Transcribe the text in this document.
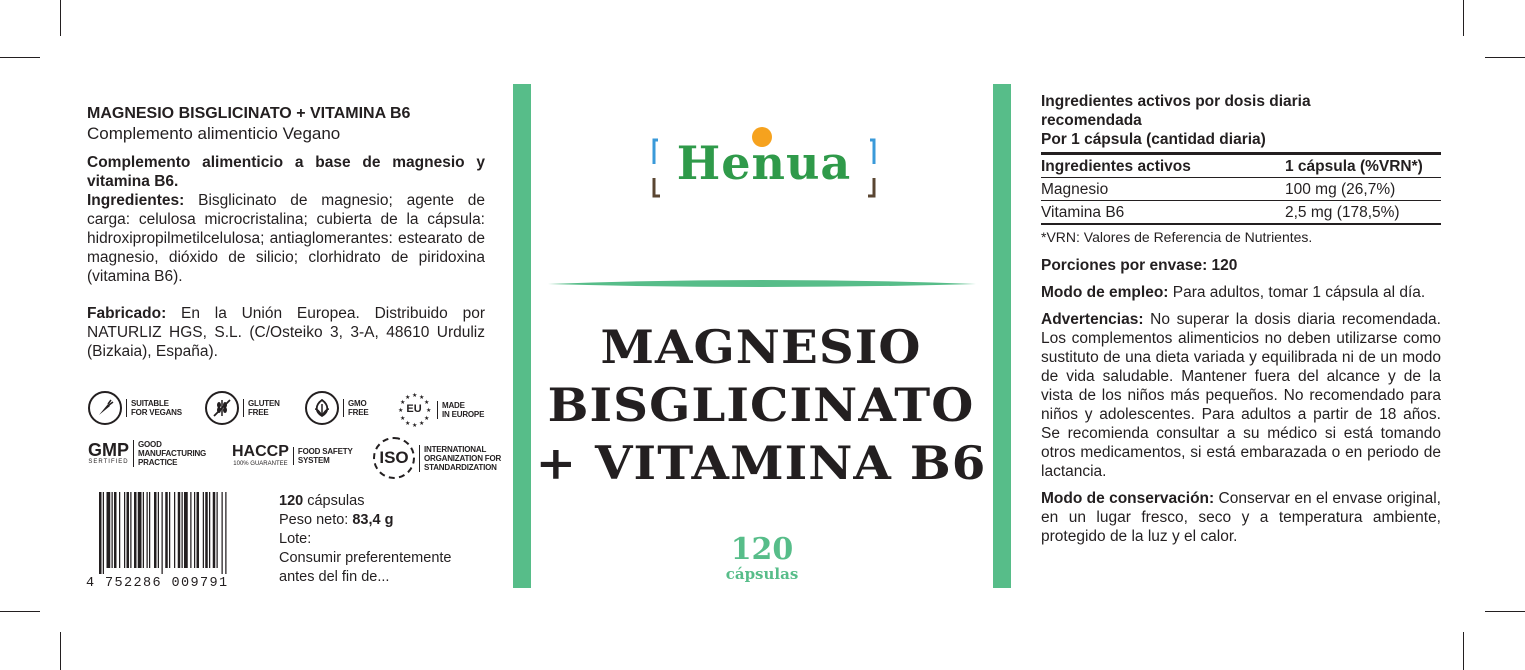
MAGNESIO BISGLICINATO + VITAMINA B6
Complemento alimenticio Vegano

Complemento alimenticio a base de magnesio y vitamina B6.

Ingredientes: Bisglicinato de magnesio; agente de carga: celulosa microcristalina; cubierta de la cápsula: hidroxipropilmetilcelulosa; antiaglomerantes: estearato de magnesio, dióxido de silicio; clorhidrato de piridoxina (vitamina B6).

Fabricado: En la Unión Europea. Distribuido por NATURLIZ HGS, S.L. (C/Osteiko 3, 3-A, 48610 Urduliz (Bizkaia), España).

SUITABLE
FOR VEGANS
GLUTEN
FREE
GMO
FREE
★ ★
★
★
★
★
★
★
★
★
★
★
EU	MADE
IN EUROPE
GMP
SERTIFIED
GOOD
MANUFACTURING
PRACTICE
HACCP
100% GUARANTEE
FOOD SAFETY
SYSTEM	ISO	INTERNATIONAL
ORGANIZATION FOR
STANDARDIZATION
4 752286 009791
120 cápsulas
Peso neto: 83,4 g
Lote:
Consumir preferentemente antes del fin de...
Henua
MAGNESIO
BISGLICINATO
+ VITAMINA B6
120
cápsulas
Ingredientes activos por dosis diaria recomendada
Por 1 cápsula (cantidad diaria)
Ingredientes activos	1 cápsula (%VRN*)
Magnesio	100 mg (26,7%)
Vitamina B6	2,5 mg (178,5%)
*VRN: Valores de Referencia de Nutrientes.

Porciones por envase: 120

Modo de empleo: Para adultos, tomar 1 cápsula al día.

Advertencias: No superar la dosis diaria recomendada. Los complementos alimenticios no deben utilizarse como sustituto de una dieta variada y equilibrada ni de un modo de vida saludable. Mantener fuera del alcance y de la vista de los niños más pequeños. No recomendado para niños y adolescentes. Para adultos a partir de 18 años. Se recomienda consultar a su médico si está tomando otros medicamentos, si está embarazada o en periodo de lactancia.

Modo de conservación: Conservar en el envase original, en un lugar fresco, seco y a temperatura ambiente, protegido de la luz y el calor.
